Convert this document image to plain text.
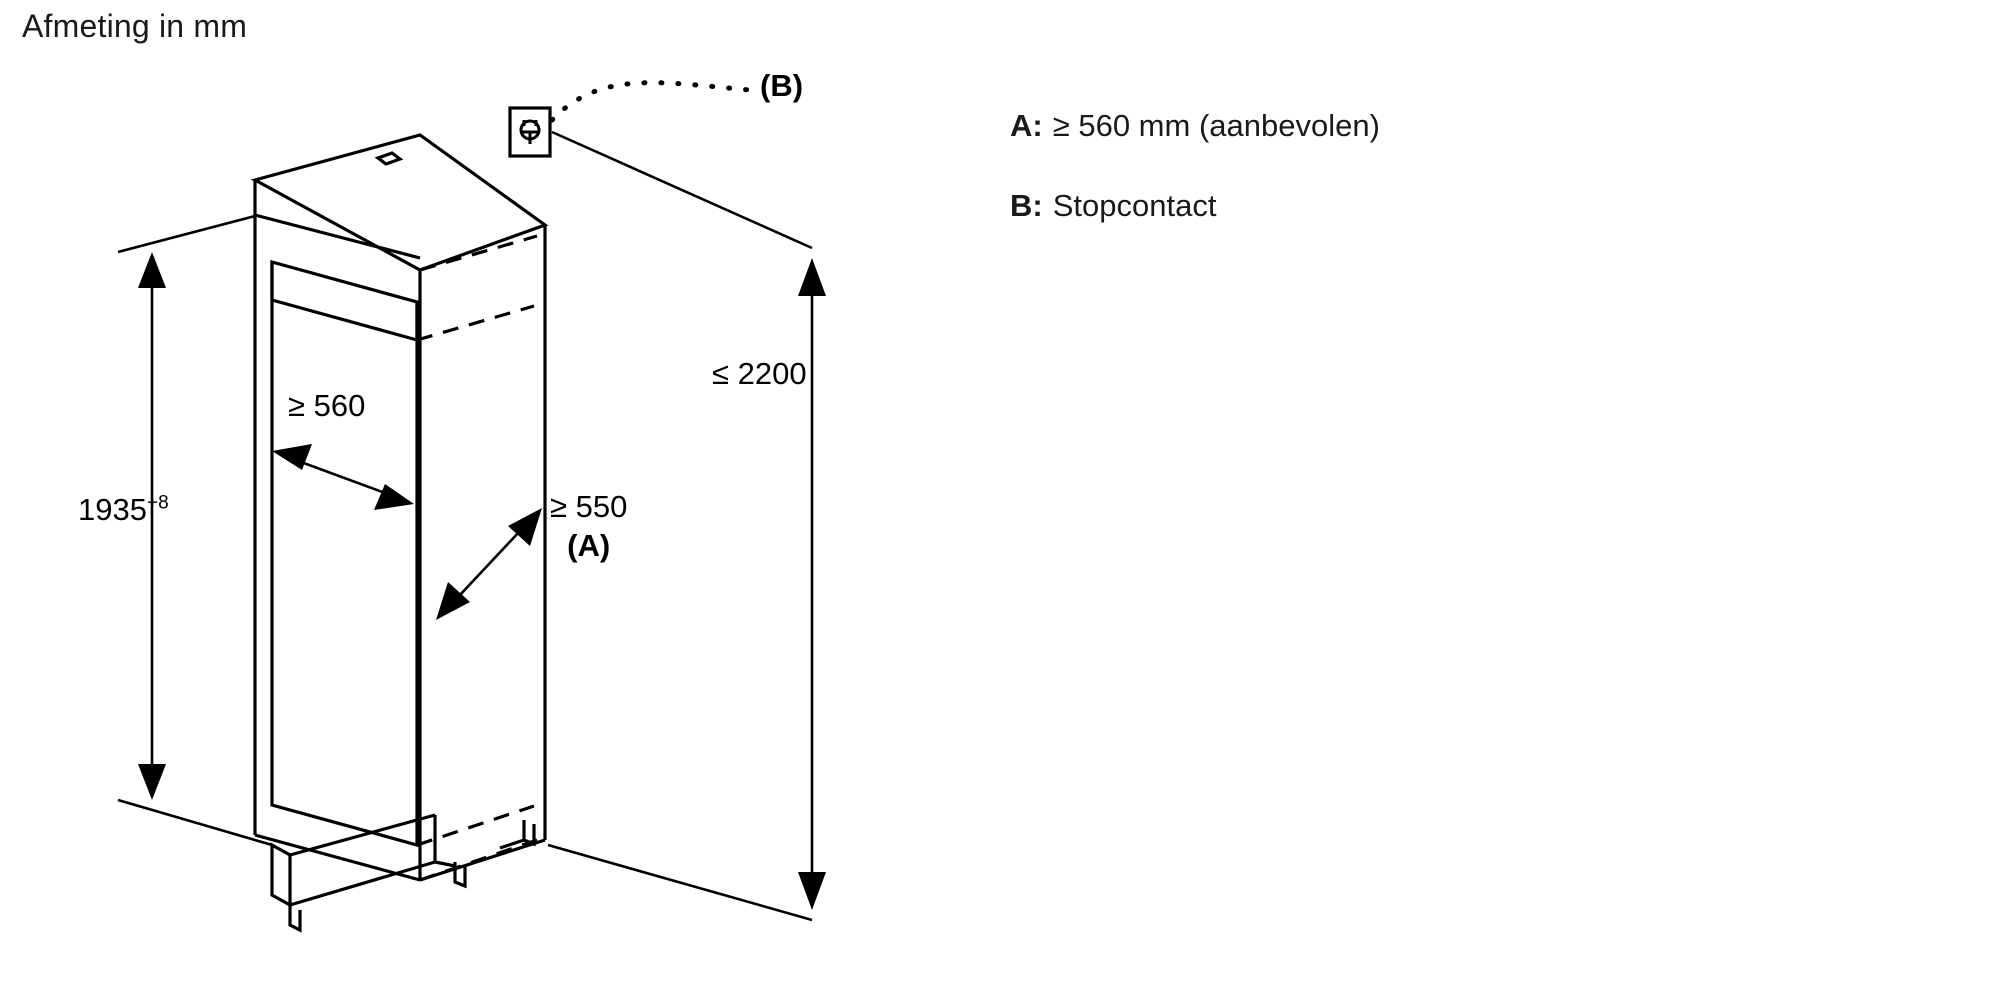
Afmeting in mm
$1935^{+8}$
≥ 560
≥ 550
(A)
≤ 2200
(B)
A: ≥ 560 mm (aanbevolen)
B: Stopcontact
